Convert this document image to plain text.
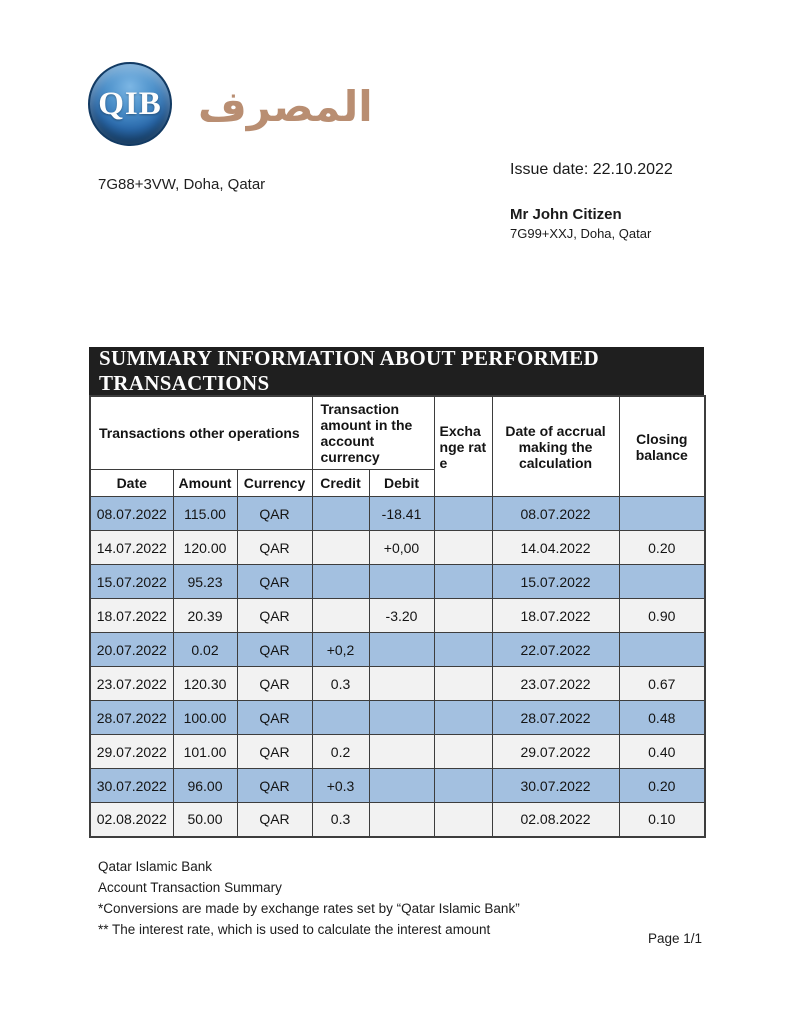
QIB المصرف
7G88+3VW, Doha, Qatar
Issue date: 22.10.2022
Mr John Citizen
7G99+XXJ, Doha, Qatar
SUMMARY INFORMATION ABOUT PERFORMED TRANSACTIONS
Transactions other operations			Transaction amount in the account currency		Exchange rate	Date of accrual making the calculation	Closing balance
Date	Amount	Currency	Credit	Debit			
08.07.2022	115.00	QAR		-18.41		08.07.2022	
14.07.2022	120.00	QAR		+0,00		14.04.2022	0.20
15.07.2022	95.23	QAR				15.07.2022	
18.07.2022	20.39	QAR		-3.20		18.07.2022	0.90
20.07.2022	0.02	QAR	+0,2			22.07.2022	
23.07.2022	120.30	QAR	0.3			23.07.2022	0.67
28.07.2022	100.00	QAR				28.07.2022	0.48
29.07.2022	101.00	QAR	0.2			29.07.2022	0.40
30.07.2022	96.00	QAR	+0.3			30.07.2022	0.20
02.08.2022	50.00	QAR	0.3			02.08.2022	0.10
Qatar Islamic Bank
Account Transaction Summary
*Conversions are made by exchange rates set by “Qatar Islamic Bank”
** The interest rate, which is used to calculate the interest amount
Page 1/1
